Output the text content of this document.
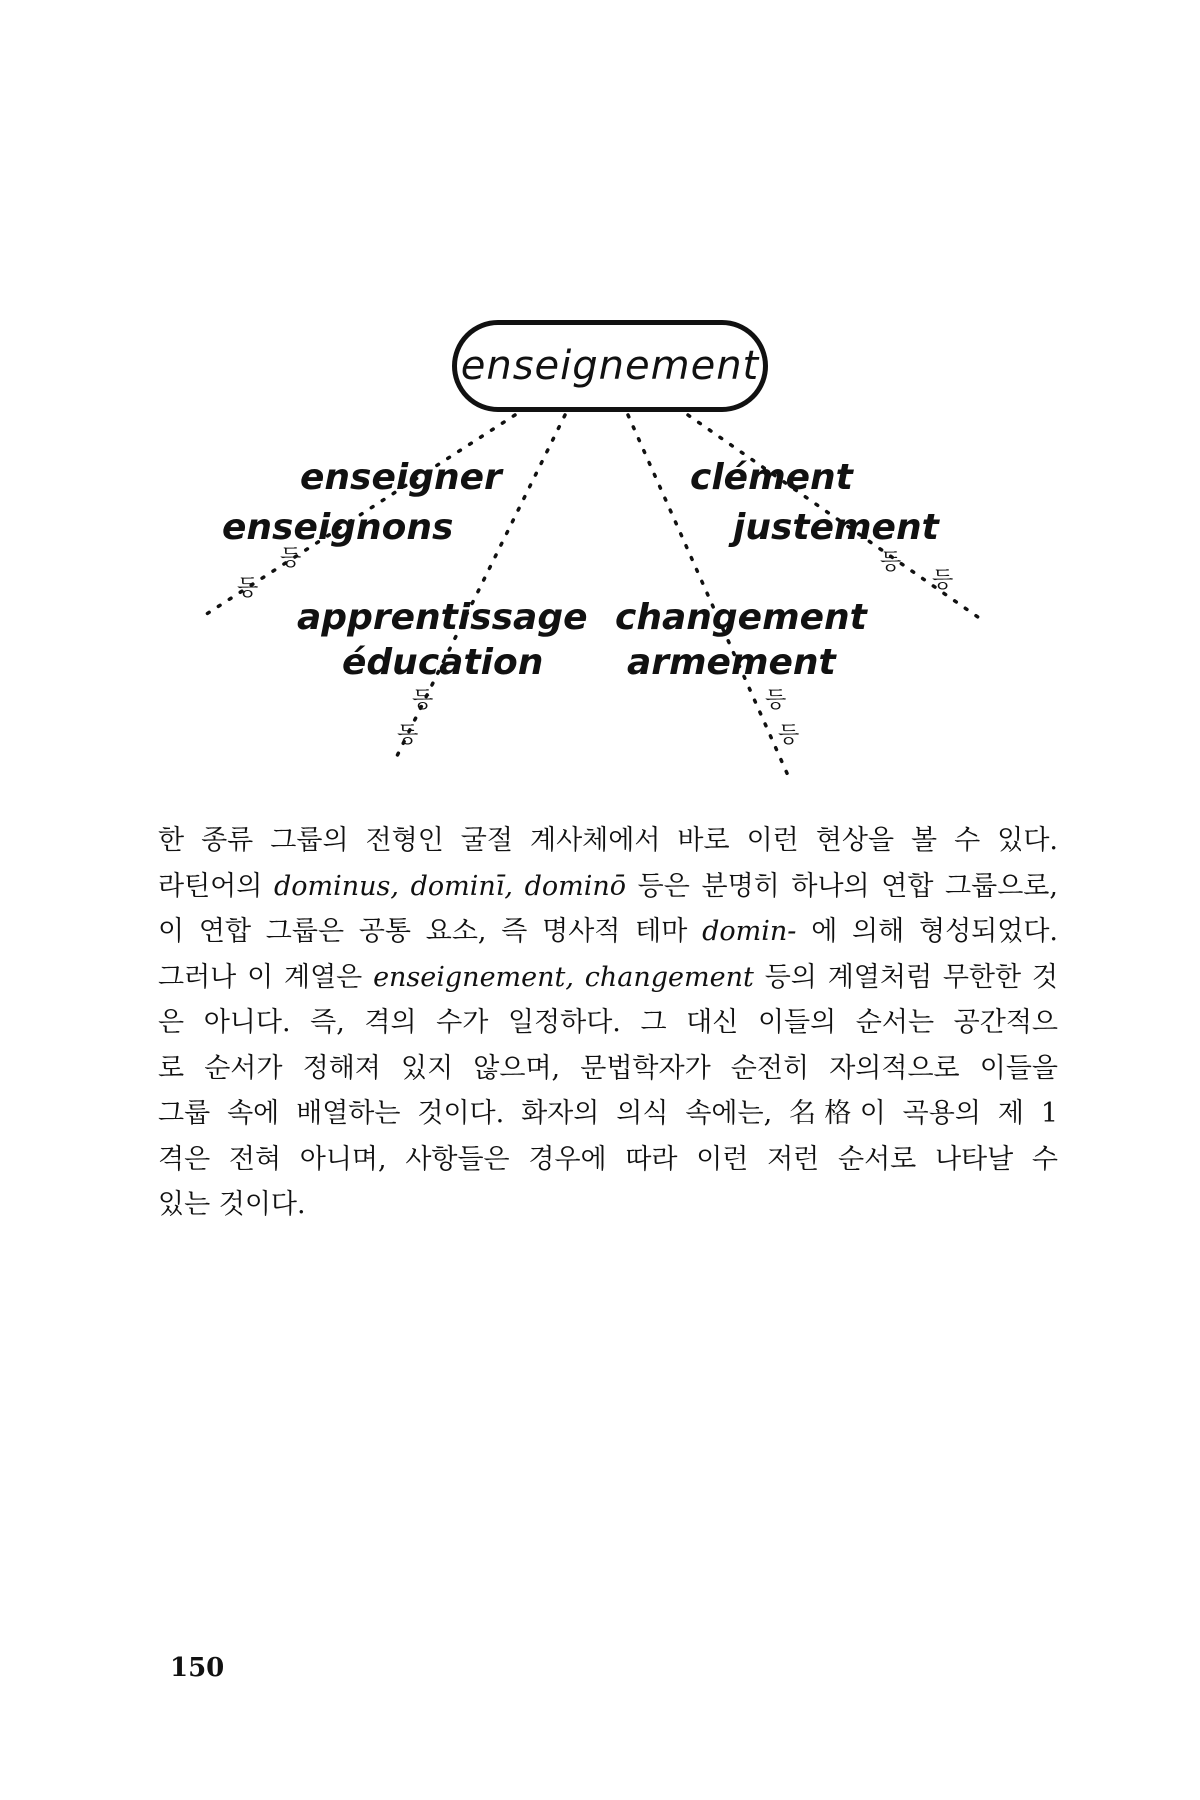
enseignement
enseigner
enseignons
등
등
apprentissage
éducation
등
등
changement
armement
등
등
clément
justement
등
등
한 종류 그룹의 전형인 굴절 계사체에서 바로 이런 현상을 볼 수 있다.
라틴어의 dominus, dominī, dominō 등은 분명히 하나의 연합 그룹으로,
이 연합 그룹은 공통 요소, 즉 명사적 테마 domin- 에 의해 형성되었다.
그러나 이 계열은 enseignement, changement 등의 계열처럼 무한한 것
은 아니다. 즉, 격의 수가 일정하다. 그 대신 이들의 순서는 공간적으
로 순서가 정해져 있지 않으며, 문법학자가 순전히 자의적으로 이들을
그룹 속에 배열하는 것이다. 화자의 의식 속에는, 名格이 곡용의 제 1
격은 전혀 아니며, 사항들은 경우에 따라 이런 저런 순서로 나타날 수
있는 것이다.
150
